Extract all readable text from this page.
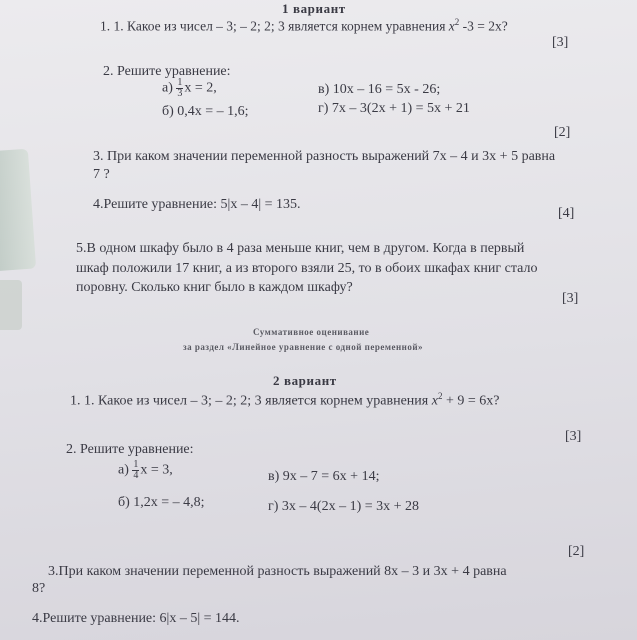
1 вариант
1. 1. Какое из чисел – 3; – 2; 2; 3 является корнем уравнения $x^2$ -3 = 2x?
[3]
2. Решите уравнение:
$а) \frac{1}{3}$ x = 2,	в) 10x – 16 = 5x - 26;
б) 0,4x = – 1,6;	г) 7x – 3(2x + 1) = 5x + 21
[2]
3. При каком значении переменной разность выражений 7x – 4 и 3x + 5 равна
7 ?
4.Решите уравнение: 5|x – 4| = 135.
[4]
5.В одном шкафу было в 4 раза меньше книг, чем в другом. Когда в первый
шкаф положили 17 книг, а из второго взяли 25, то в обоих шкафах книг стало
поровну. Сколько книг было в каждом шкафу?
[3]
Суммативное оценивание
за раздел «Линейное уравнение с одной переменной»
2 вариант
1. 1. Какое из чисел – 3; – 2; 2; 3 является корнем уравнения $x^2 + 9 = 6x$?
[3]
2. Решите уравнение:
$а) \frac{1}{4}$ x = 3,	в) 9x – 7 = 6x + 14;
б) 1,2x = – 4,8;	г) 3x – 4(2x – 1) = 3x + 28
[2]
3.При каком значении переменной разность выражений 8x – 3 и 3x + 4 равна
8?
4.Решите уравнение: 6|x – 5| = 144.
